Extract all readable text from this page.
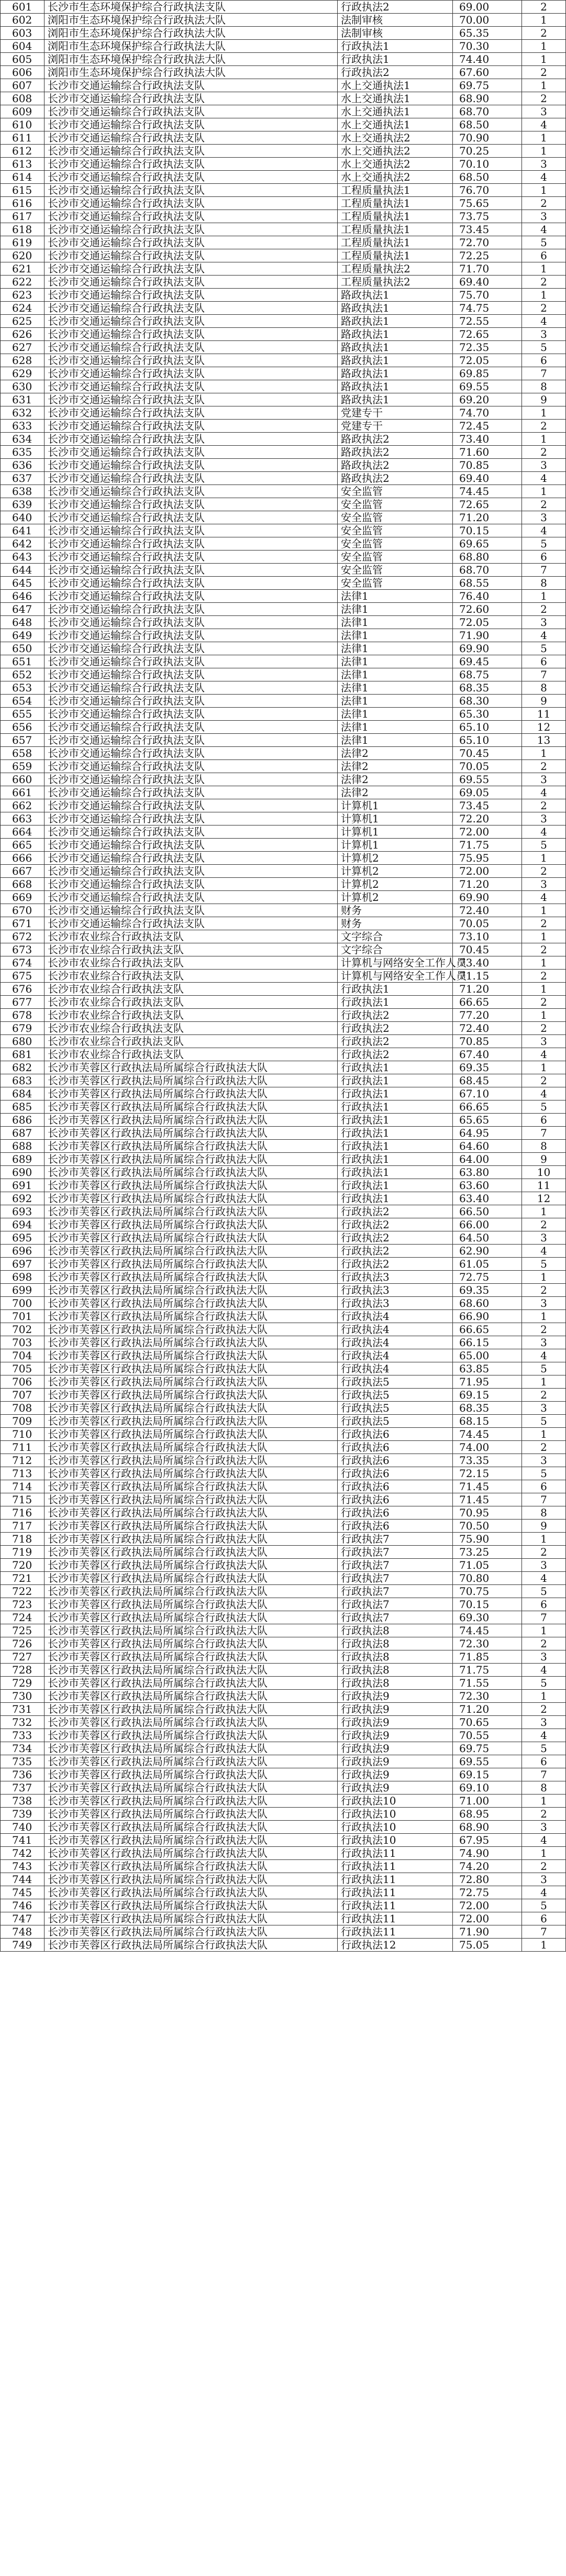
601	长沙市生态环境保护综合行政执法支队	行政执法2	69.00	2
602	浏阳市生态环境保护综合行政执法大队	法制审核	70.00	1
603	浏阳市生态环境保护综合行政执法大队	法制审核	65.35	2
604	浏阳市生态环境保护综合行政执法大队	行政执法1	70.30	1
605	浏阳市生态环境保护综合行政执法大队	行政执法1	74.40	1
606	浏阳市生态环境保护综合行政执法大队	行政执法2	67.60	2
607	长沙市交通运输综合行政执法支队	水上交通执法1	69.75	1
608	长沙市交通运输综合行政执法支队	水上交通执法1	68.90	2
609	长沙市交通运输综合行政执法支队	水上交通执法1	68.70	3
610	长沙市交通运输综合行政执法支队	水上交通执法1	68.50	4
611	长沙市交通运输综合行政执法支队	水上交通执法2	70.90	1
612	长沙市交通运输综合行政执法支队	水上交通执法2	70.25	1
613	长沙市交通运输综合行政执法支队	水上交通执法2	70.10	3
614	长沙市交通运输综合行政执法支队	水上交通执法2	68.50	4
615	长沙市交通运输综合行政执法支队	工程质量执法1	76.70	1
616	长沙市交通运输综合行政执法支队	工程质量执法1	75.65	2
617	长沙市交通运输综合行政执法支队	工程质量执法1	73.75	3
618	长沙市交通运输综合行政执法支队	工程质量执法1	73.45	4
619	长沙市交通运输综合行政执法支队	工程质量执法1	72.70	5
620	长沙市交通运输综合行政执法支队	工程质量执法1	72.25	6
621	长沙市交通运输综合行政执法支队	工程质量执法2	71.70	1
622	长沙市交通运输综合行政执法支队	工程质量执法2	69.40	2
623	长沙市交通运输综合行政执法支队	路政执法1	75.70	1
624	长沙市交通运输综合行政执法支队	路政执法1	74.75	2
625	长沙市交通运输综合行政执法支队	路政执法1	72.55	4
626	长沙市交通运输综合行政执法支队	路政执法1	72.65	3
627	长沙市交通运输综合行政执法支队	路政执法1	72.35	5
628	长沙市交通运输综合行政执法支队	路政执法1	72.05	6
629	长沙市交通运输综合行政执法支队	路政执法1	69.85	7
630	长沙市交通运输综合行政执法支队	路政执法1	69.55	8
631	长沙市交通运输综合行政执法支队	路政执法1	69.20	9
632	长沙市交通运输综合行政执法支队	党建专干	74.70	1
633	长沙市交通运输综合行政执法支队	党建专干	72.45	2
634	长沙市交通运输综合行政执法支队	路政执法2	73.40	1
635	长沙市交通运输综合行政执法支队	路政执法2	71.60	2
636	长沙市交通运输综合行政执法支队	路政执法2	70.85	3
637	长沙市交通运输综合行政执法支队	路政执法2	69.40	4
638	长沙市交通运输综合行政执法支队	安全监管	74.45	1
639	长沙市交通运输综合行政执法支队	安全监管	72.65	2
640	长沙市交通运输综合行政执法支队	安全监管	71.20	3
641	长沙市交通运输综合行政执法支队	安全监管	70.15	4
642	长沙市交通运输综合行政执法支队	安全监管	69.65	5
643	长沙市交通运输综合行政执法支队	安全监管	68.80	6
644	长沙市交通运输综合行政执法支队	安全监管	68.70	7
645	长沙市交通运输综合行政执法支队	安全监管	68.55	8
646	长沙市交通运输综合行政执法支队	法律1	76.40	1
647	长沙市交通运输综合行政执法支队	法律1	72.60	2
648	长沙市交通运输综合行政执法支队	法律1	72.05	3
649	长沙市交通运输综合行政执法支队	法律1	71.90	4
650	长沙市交通运输综合行政执法支队	法律1	69.90	5
651	长沙市交通运输综合行政执法支队	法律1	69.45	6
652	长沙市交通运输综合行政执法支队	法律1	68.75	7
653	长沙市交通运输综合行政执法支队	法律1	68.35	8
654	长沙市交通运输综合行政执法支队	法律1	68.30	9
655	长沙市交通运输综合行政执法支队	法律1	65.30	11
656	长沙市交通运输综合行政执法支队	法律1	65.10	12
657	长沙市交通运输综合行政执法支队	法律1	65.10	13
658	长沙市交通运输综合行政执法支队	法律2	70.45	1
659	长沙市交通运输综合行政执法支队	法律2	70.05	2
660	长沙市交通运输综合行政执法支队	法律2	69.55	3
661	长沙市交通运输综合行政执法支队	法律2	69.05	4
662	长沙市交通运输综合行政执法支队	计算机1	73.45	2
663	长沙市交通运输综合行政执法支队	计算机1	72.20	3
664	长沙市交通运输综合行政执法支队	计算机1	72.00	4
665	长沙市交通运输综合行政执法支队	计算机1	71.75	5
666	长沙市交通运输综合行政执法支队	计算机2	75.95	1
667	长沙市交通运输综合行政执法支队	计算机2	72.00	2
668	长沙市交通运输综合行政执法支队	计算机2	71.20	3
669	长沙市交通运输综合行政执法支队	计算机2	69.90	4
670	长沙市交通运输综合行政执法支队	财务	72.40	1
671	长沙市交通运输综合行政执法支队	财务	70.05	2
672	长沙市农业综合行政执法支队	文字综合	73.10	1
673	长沙市农业综合行政执法支队	文字综合	70.45	2
674	长沙市农业综合行政执法支队	计算机与网络安全工作人员	73.40	1
675	长沙市农业综合行政执法支队	计算机与网络安全工作人员	71.15	2
676	长沙市农业综合行政执法支队	行政执法1	71.20	1
677	长沙市农业综合行政执法支队	行政执法1	66.65	2
678	长沙市农业综合行政执法支队	行政执法2	77.20	1
679	长沙市农业综合行政执法支队	行政执法2	72.40	2
680	长沙市农业综合行政执法支队	行政执法2	70.85	3
681	长沙市农业综合行政执法支队	行政执法2	67.40	4
682	长沙市芙蓉区行政执法局所属综合行政执法大队	行政执法1	69.35	1
683	长沙市芙蓉区行政执法局所属综合行政执法大队	行政执法1	68.45	2
684	长沙市芙蓉区行政执法局所属综合行政执法大队	行政执法1	67.10	4
685	长沙市芙蓉区行政执法局所属综合行政执法大队	行政执法1	66.65	5
686	长沙市芙蓉区行政执法局所属综合行政执法大队	行政执法1	65.65	6
687	长沙市芙蓉区行政执法局所属综合行政执法大队	行政执法1	64.95	7
688	长沙市芙蓉区行政执法局所属综合行政执法大队	行政执法1	64.60	8
689	长沙市芙蓉区行政执法局所属综合行政执法大队	行政执法1	64.00	9
690	长沙市芙蓉区行政执法局所属综合行政执法大队	行政执法1	63.80	10
691	长沙市芙蓉区行政执法局所属综合行政执法大队	行政执法1	63.60	11
692	长沙市芙蓉区行政执法局所属综合行政执法大队	行政执法1	63.40	12
693	长沙市芙蓉区行政执法局所属综合行政执法大队	行政执法2	66.50	1
694	长沙市芙蓉区行政执法局所属综合行政执法大队	行政执法2	66.00	2
695	长沙市芙蓉区行政执法局所属综合行政执法大队	行政执法2	64.50	3
696	长沙市芙蓉区行政执法局所属综合行政执法大队	行政执法2	62.90	4
697	长沙市芙蓉区行政执法局所属综合行政执法大队	行政执法2	61.05	5
698	长沙市芙蓉区行政执法局所属综合行政执法大队	行政执法3	72.75	1
699	长沙市芙蓉区行政执法局所属综合行政执法大队	行政执法3	69.35	2
700	长沙市芙蓉区行政执法局所属综合行政执法大队	行政执法3	68.60	3
701	长沙市芙蓉区行政执法局所属综合行政执法大队	行政执法4	66.90	1
702	长沙市芙蓉区行政执法局所属综合行政执法大队	行政执法4	66.65	2
703	长沙市芙蓉区行政执法局所属综合行政执法大队	行政执法4	66.15	3
704	长沙市芙蓉区行政执法局所属综合行政执法大队	行政执法4	65.00	4
705	长沙市芙蓉区行政执法局所属综合行政执法大队	行政执法4	63.85	5
706	长沙市芙蓉区行政执法局所属综合行政执法大队	行政执法5	71.95	1
707	长沙市芙蓉区行政执法局所属综合行政执法大队	行政执法5	69.15	2
708	长沙市芙蓉区行政执法局所属综合行政执法大队	行政执法5	68.35	3
709	长沙市芙蓉区行政执法局所属综合行政执法大队	行政执法5	68.15	5
710	长沙市芙蓉区行政执法局所属综合行政执法大队	行政执法6	74.45	1
711	长沙市芙蓉区行政执法局所属综合行政执法大队	行政执法6	74.00	2
712	长沙市芙蓉区行政执法局所属综合行政执法大队	行政执法6	73.35	3
713	长沙市芙蓉区行政执法局所属综合行政执法大队	行政执法6	72.15	5
714	长沙市芙蓉区行政执法局所属综合行政执法大队	行政执法6	71.45	6
715	长沙市芙蓉区行政执法局所属综合行政执法大队	行政执法6	71.45	7
716	长沙市芙蓉区行政执法局所属综合行政执法大队	行政执法6	70.95	8
717	长沙市芙蓉区行政执法局所属综合行政执法大队	行政执法6	70.50	9
718	长沙市芙蓉区行政执法局所属综合行政执法大队	行政执法7	75.90	1
719	长沙市芙蓉区行政执法局所属综合行政执法大队	行政执法7	73.25	2
720	长沙市芙蓉区行政执法局所属综合行政执法大队	行政执法7	71.05	3
721	长沙市芙蓉区行政执法局所属综合行政执法大队	行政执法7	70.80	4
722	长沙市芙蓉区行政执法局所属综合行政执法大队	行政执法7	70.75	5
723	长沙市芙蓉区行政执法局所属综合行政执法大队	行政执法7	70.15	6
724	长沙市芙蓉区行政执法局所属综合行政执法大队	行政执法7	69.30	7
725	长沙市芙蓉区行政执法局所属综合行政执法大队	行政执法8	74.45	1
726	长沙市芙蓉区行政执法局所属综合行政执法大队	行政执法8	72.30	2
727	长沙市芙蓉区行政执法局所属综合行政执法大队	行政执法8	71.85	3
728	长沙市芙蓉区行政执法局所属综合行政执法大队	行政执法8	71.75	4
729	长沙市芙蓉区行政执法局所属综合行政执法大队	行政执法8	71.55	5
730	长沙市芙蓉区行政执法局所属综合行政执法大队	行政执法9	72.30	1
731	长沙市芙蓉区行政执法局所属综合行政执法大队	行政执法9	71.20	2
732	长沙市芙蓉区行政执法局所属综合行政执法大队	行政执法9	70.65	3
733	长沙市芙蓉区行政执法局所属综合行政执法大队	行政执法9	70.55	4
734	长沙市芙蓉区行政执法局所属综合行政执法大队	行政执法9	69.75	5
735	长沙市芙蓉区行政执法局所属综合行政执法大队	行政执法9	69.55	6
736	长沙市芙蓉区行政执法局所属综合行政执法大队	行政执法9	69.15	7
737	长沙市芙蓉区行政执法局所属综合行政执法大队	行政执法9	69.10	8
738	长沙市芙蓉区行政执法局所属综合行政执法大队	行政执法10	71.00	1
739	长沙市芙蓉区行政执法局所属综合行政执法大队	行政执法10	68.95	2
740	长沙市芙蓉区行政执法局所属综合行政执法大队	行政执法10	68.90	3
741	长沙市芙蓉区行政执法局所属综合行政执法大队	行政执法10	67.95	4
742	长沙市芙蓉区行政执法局所属综合行政执法大队	行政执法11	74.90	1
743	长沙市芙蓉区行政执法局所属综合行政执法大队	行政执法11	74.20	2
744	长沙市芙蓉区行政执法局所属综合行政执法大队	行政执法11	72.80	3
745	长沙市芙蓉区行政执法局所属综合行政执法大队	行政执法11	72.75	4
746	长沙市芙蓉区行政执法局所属综合行政执法大队	行政执法11	72.00	5
747	长沙市芙蓉区行政执法局所属综合行政执法大队	行政执法11	72.00	6
748	长沙市芙蓉区行政执法局所属综合行政执法大队	行政执法11	71.90	7
749	长沙市芙蓉区行政执法局所属综合行政执法大队	行政执法12	75.05	1
